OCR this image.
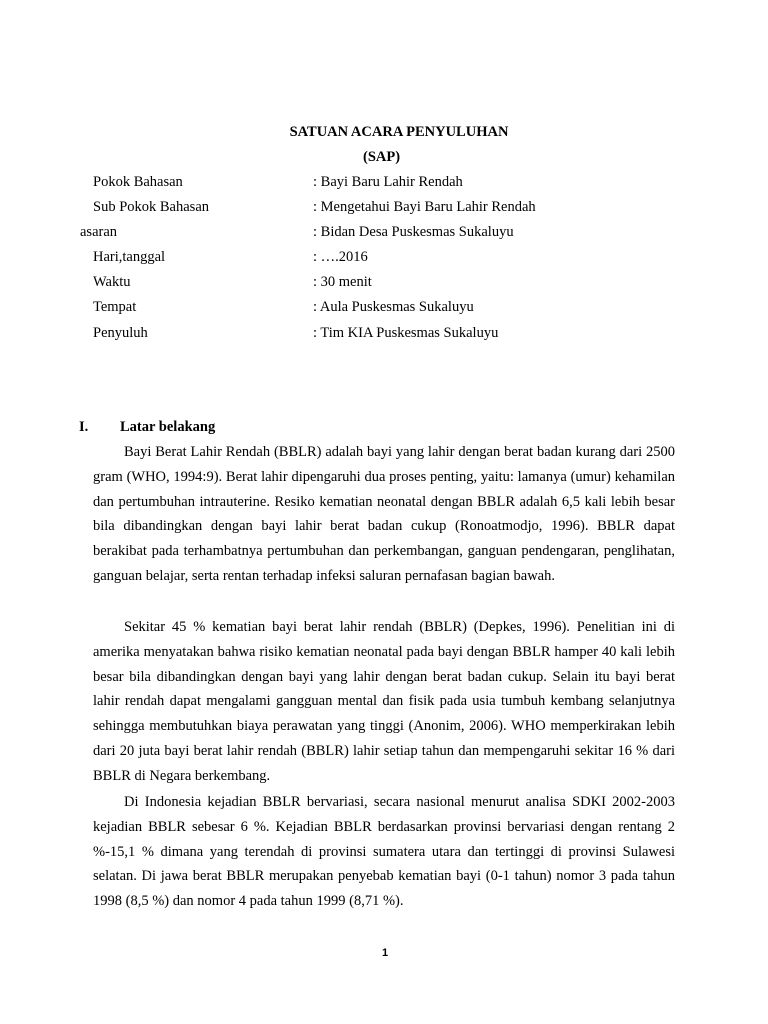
SATUAN ACARA PENYULUHAN
(SAP)
Pokok Bahasan	: Bayi Baru Lahir Rendah
Sub Pokok Bahasan	: Mengetahui Bayi Baru Lahir Rendah
asaran	: Bidan Desa Puskesmas Sukaluyu
Hari,tanggal	: ….2016
Waktu	: 30 menit
Tempat	: Aula Puskesmas Sukaluyu
Penyuluh	: Tim KIA Puskesmas Sukaluyu
I. Latar belakang

Bayi Berat Lahir Rendah (BBLR) adalah bayi yang lahir dengan berat badan kurang dari 2500 gram (WHO, 1994:9). Berat lahir dipengaruhi dua proses penting, yaitu: lamanya (umur) kehamilan dan pertumbuhan intrauterine. Resiko kematian neonatal dengan BBLR adalah 6,5 kali lebih besar bila dibandingkan dengan bayi lahir berat badan cukup (Ronoatmodjo, 1996). BBLR dapat berakibat pada terhambatnya pertumbuhan dan perkembangan, ganguan pendengaran, penglihatan, ganguan belajar, serta rentan terhadap infeksi saluran pernafasan bagian bawah.

Sekitar 45 % kematian bayi berat lahir rendah (BBLR) (Depkes, 1996). Penelitian ini di amerika menyatakan bahwa risiko kematian neonatal pada bayi dengan BBLR hamper 40 kali lebih besar bila dibandingkan dengan bayi yang lahir dengan berat badan cukup. Selain itu bayi berat lahir rendah dapat mengalami gangguan mental dan fisik pada usia tumbuh kembang selanjutnya sehingga membutuhkan biaya perawatan yang tinggi (Anonim, 2006). WHO memperkirakan lebih dari 20 juta bayi berat lahir rendah (BBLR) lahir setiap tahun dan mempengaruhi sekitar 16 % dari BBLR di Negara berkembang.

Di Indonesia kejadian BBLR bervariasi, secara nasional menurut analisa SDKI 2002-2003 kejadian BBLR sebesar 6 %. Kejadian BBLR berdasarkan provinsi bervariasi dengan rentang 2 %-15,1 % dimana yang terendah di provinsi sumatera utara dan tertinggi di provinsi Sulawesi selatan. Di jawa berat BBLR merupakan penyebab kematian bayi (0-1 tahun) nomor 3 pada tahun 1998 (8,5 %) dan nomor 4 pada tahun 1999 (8,71 %).

1
